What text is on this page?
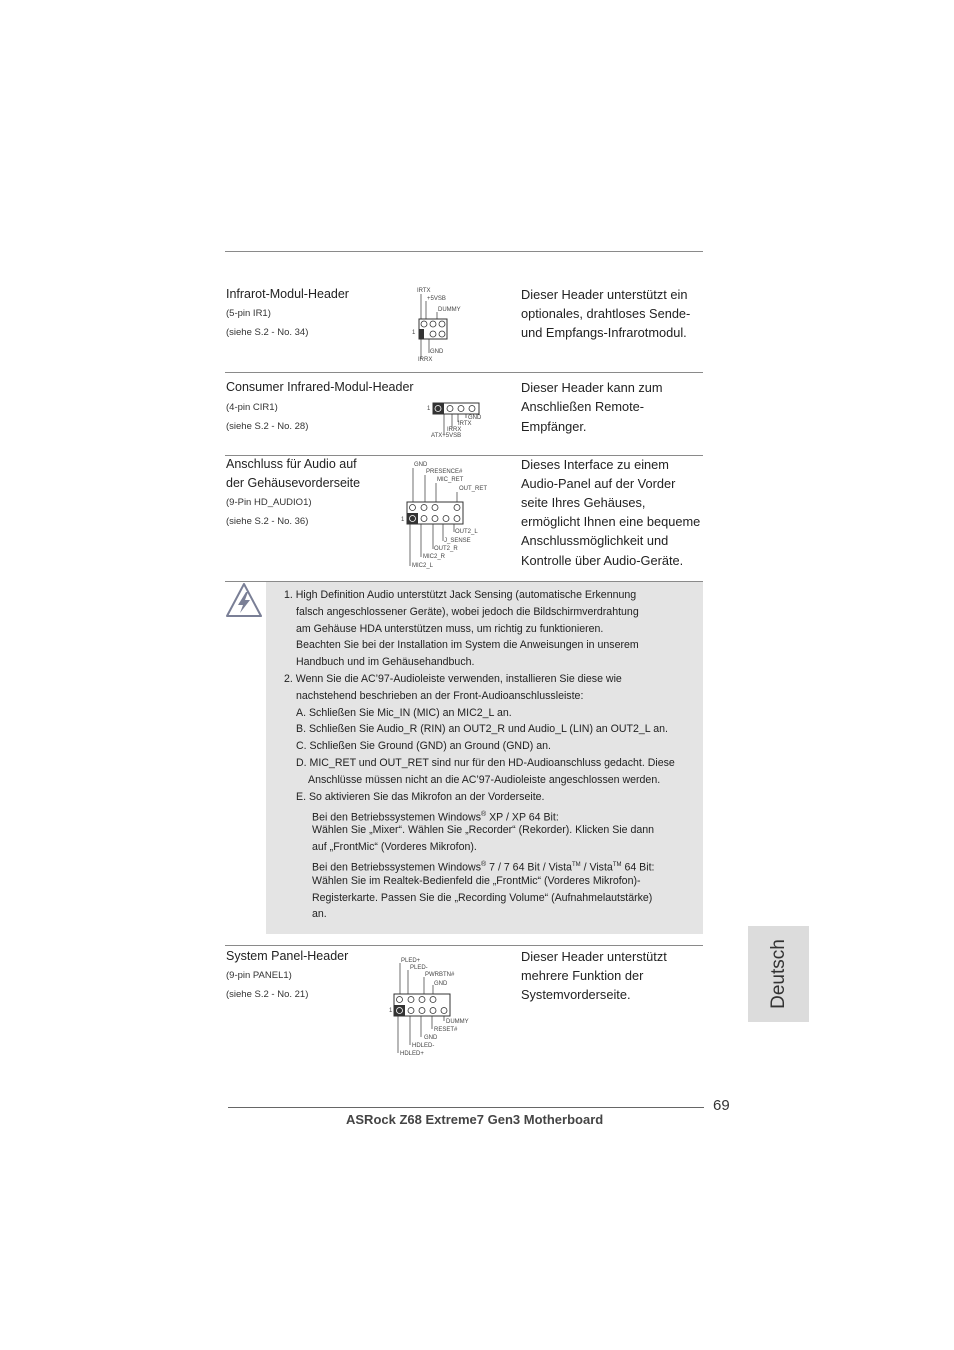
Infrarot-Modul-Header
(5-pin IR1)
(siehe S.2 - No. 34)
Dieser Header unterstützt ein
optionales, drahtloses Sende-
und Empfangs-Infrarotmodul.
IRTX
+5VSB
DUMMY
1
GND
IRRX
Consumer Infrared-Modul-Header
(4-pin CIR1)
(siehe S.2 - No. 28)
Dieser Header kann zum
Anschließen Remote-
Empfänger.
1
GND
IRTX
IRRX
ATX+5VSB
Anschluss für Audio auf
der Gehäusevorderseite
(9-Pin HD_AUDIO1)
(siehe S.2 - No. 36)
Dieses Interface zu einem
Audio-Panel auf der Vorder
seite Ihres Gehäuses,
ermöglicht Ihnen eine bequeme
Anschlussmöglichkeit und
Kontrolle über Audio-Geräte.
GND
PRESENCE#
MIC_RET
OUT_RET
1
OUT2_L
J_SENSE
OUT2_R
MIC2_R
MIC2_L
1. High Definition Audio unterstützt Jack Sensing (automatische Erkennung
falsch angeschlossener Geräte), wobei jedoch die Bildschirmverdrahtung
am Gehäuse HDA unterstützen muss, um richtig zu funktionieren.
Beachten Sie bei der Installation im System die Anweisungen in unserem
Handbuch und im Gehäusehandbuch.
2. Wenn Sie die AC’97-Audioleiste verwenden, installieren Sie diese wie
nachstehend beschrieben an der Front-Audioanschlussleiste:
A. Schließen Sie Mic_IN (MIC) an MIC2_L an.
B. Schließen Sie Audio_R (RIN) an OUT2_R und Audio_L (LIN) an OUT2_L an.
C. Schließen Sie Ground (GND) an Ground (GND) an.
D. MIC_RET und OUT_RET sind nur für den HD-Audioanschluss gedacht. Diese
Anschlüsse müssen nicht an die AC’97-Audioleiste angeschlossen werden.
E. So aktivieren Sie das Mikrofon an der Vorderseite.
Bei den Betriebssystemen Windows® XP / XP 64 Bit:
Wählen Sie „Mixer“. Wählen Sie „Recorder“ (Rekorder). Klicken Sie dann
auf „FrontMic“ (Vorderes Mikrofon).
Bei den Betriebssystemen Windows® 7 / 7 64 Bit / Vista™ / Vista™ 64 Bit:
Wählen Sie im Realtek-Bedienfeld die „FrontMic“ (Vorderes Mikrofon)-
Registerkarte. Passen Sie die „Recording Volume“ (Aufnahmelautstärke)
an.
System Panel-Header
(9-pin PANEL1)
(siehe S.2 - No. 21)
Dieser Header unterstützt
mehrere Funktion der
Systemvorderseite.
PLED+
PLED-
PWRBTN#
GND
1
DUMMY
RESET#
GND
HDLED-
HDLED+
Deutsch
69
ASRock Z68 Extreme7 Gen3 Motherboard
